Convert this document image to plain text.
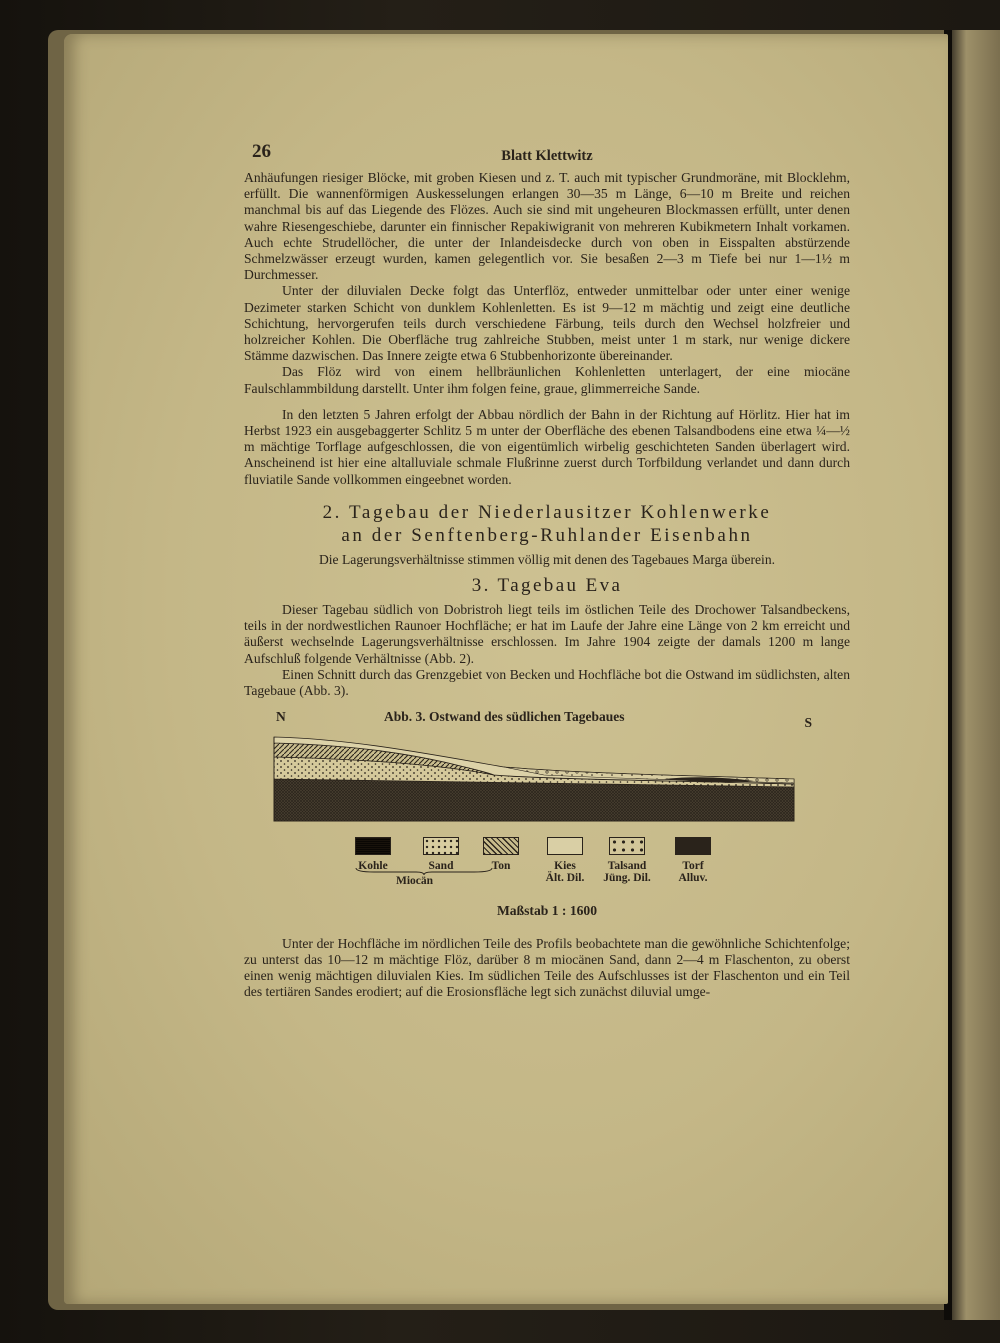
26	Blatt Klettwitz

Anhäufungen riesiger Blöcke, mit groben Kiesen und z. T. auch mit typischer Grundmoräne, mit Blocklehm, erfüllt. Die wannenförmigen Auskesselungen erlangen 30—35 m Länge, 6—10 m Breite und reichen manchmal bis auf das Liegende des Flözes. Auch sie sind mit ungeheuren Blockmassen erfüllt, unter denen wahre Riesengeschiebe, darunter ein finnischer Repakiwigranit von mehreren Kubikmetern Inhalt vorkamen. Auch echte Strudellöcher, die unter der Inlandeisdecke durch von oben in Eisspalten abstürzende Schmelzwässer erzeugt wurden, kamen gelegentlich vor. Sie besaßen 2—3 m Tiefe bei nur 1—1½ m Durchmesser.

Unter der diluvialen Decke folgt das Unterflöz, entweder unmittelbar oder unter einer wenige Dezimeter starken Schicht von dunklem Kohlenletten. Es ist 9—12 m mächtig und zeigt eine deutliche Schichtung, hervorgerufen teils durch verschiedene Färbung, teils durch den Wechsel holzfreier und holzreicher Kohlen. Die Oberfläche trug zahlreiche Stubben, meist unter 1 m stark, nur wenige dickere Stämme dazwischen. Das Innere zeigte etwa 6 Stubbenhorizonte übereinander.

Das Flöz wird von einem hellbräunlichen Kohlenletten unterlagert, der eine miocäne Faulschlammbildung darstellt. Unter ihm folgen feine, graue, glimmerreiche Sande.

In den letzten 5 Jahren erfolgt der Abbau nördlich der Bahn in der Richtung auf Hörlitz. Hier hat im Herbst 1923 ein ausgebaggerter Schlitz 5 m unter der Oberfläche des ebenen Talsandbodens eine etwa ¼—½ m mächtige Torflage aufgeschlossen, die von eigentümlich wirbelig geschichteten Sanden überlagert wird. Anscheinend ist hier eine altalluviale schmale Flußrinne zuerst durch Torfbildung verlandet und dann durch fluviatile Sande vollkommen eingeebnet worden.

2. Tagebau der Niederlausitzer Kohlenwerke
an der Senftenberg-Ruhlander Eisenbahn

Die Lagerungsverhältnisse stimmen völlig mit denen des Tagebaues Marga überein.

3. Tagebau Eva

Dieser Tagebau südlich von Dobristroh liegt teils im östlichen Teile des Drochower Talsandbeckens, teils in der nordwestlichen Raunoer Hochfläche; er hat im Laufe der Jahre eine Länge von 2 km erreicht und äußerst wechselnde Lagerungsverhältnisse erschlossen. Im Jahre 1904 zeigte der damals 1200 m lange Aufschluß folgende Verhältnisse (Abb. 2).

Einen Schnitt durch das Grenzgebiet von Becken und Hochfläche bot die Ostwand im südlichsten, alten Tagebaue (Abb. 3).

N	Abb. 3. Ostwand des südlichen Tagebaues	S
Kohle	Sand	Ton	Kies
Ält. Dil.
Talsand
Jüng. Dil.
Torf
Alluv.
Miocän
Maßstab 1 : 1600

Unter der Hochfläche im nördlichen Teile des Profils beobachtete man die gewöhnliche Schichtenfolge; zu unterst das 10—12 m mächtige Flöz, darüber 8 m miocänen Sand, dann 2—4 m Flaschenton, zu oberst einen wenig mächtigen diluvialen Kies. Im südlichen Teile des Aufschlusses ist der Flaschenton und ein Teil des tertiären Sandes erodiert; auf die Erosionsfläche legt sich zunächst diluvial umge-
